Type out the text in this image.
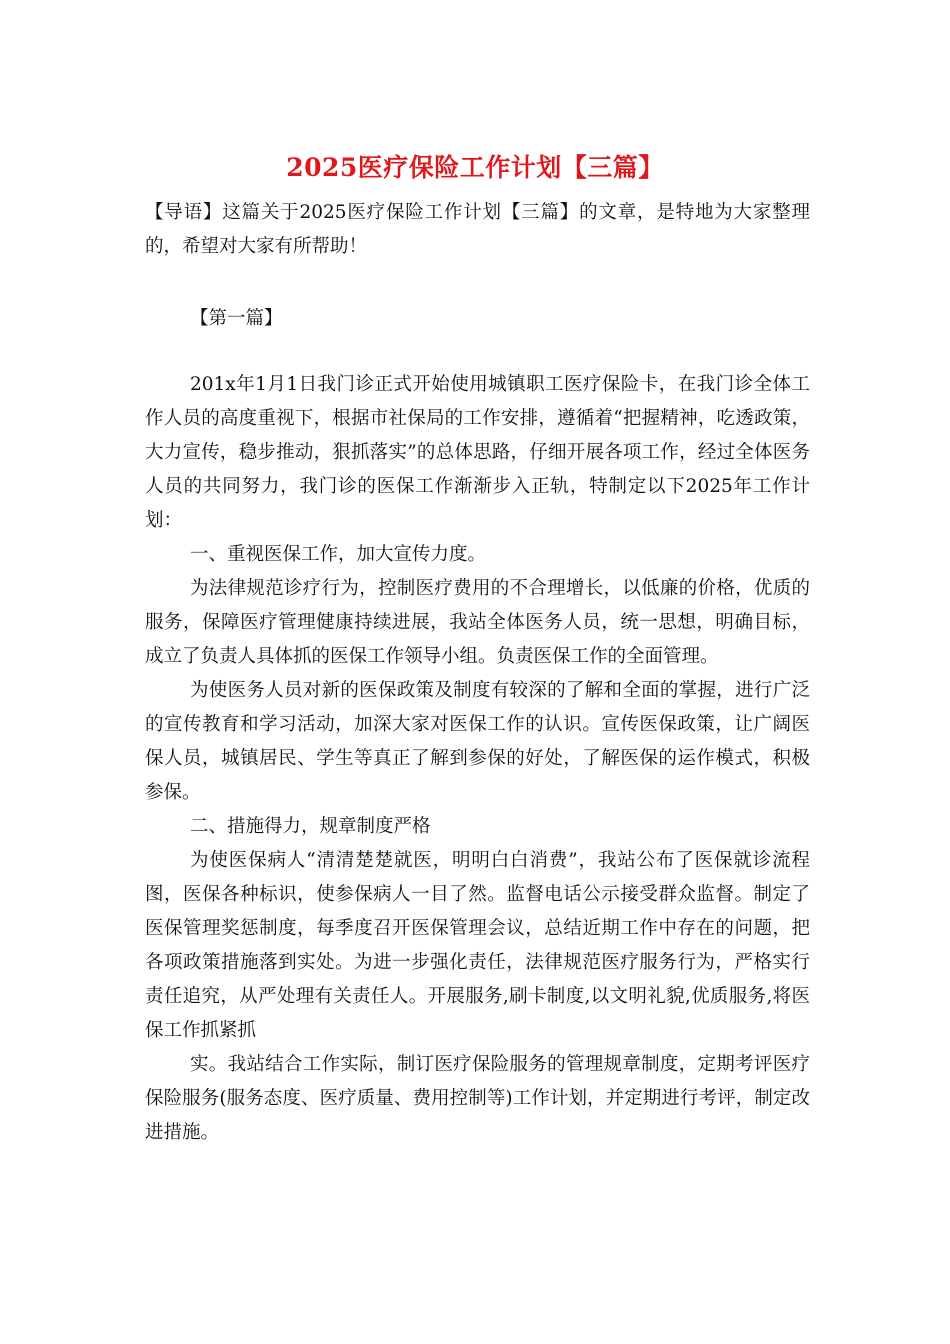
2025医疗保险工作计划【三篇】
【导语】这篇关于2025医疗保险工作计划【三篇】的文章，是特地为大家整理的，希望对大家有所帮助！
【第一篇】

201x年1月1日我门诊正式开始使用城镇职工医疗保险卡，在我门诊全体工作人员的高度重视下，根据市社保局的工作安排，遵循着“把握精神，吃透政策，大力宣传，稳步推动，狠抓落实”的总体思路，仔细开展各项工作，经过全体医务人员的共同努力，我门诊的医保工作渐渐步入正轨，特制定以下2025年工作计划：

一、重视医保工作，加大宣传力度。

为法律规范诊疗行为，控制医疗费用的不合理增长，以低廉的价格，优质的服务，保障医疗管理健康持续进展，我站全体医务人员，统一思想，明确目标，成立了负责人具体抓的医保工作领导小组。负责医保工作的全面管理。

为使医务人员对新的医保政策及制度有较深的了解和全面的掌握，进行广泛的宣传教育和学习活动，加深大家对医保工作的认识。宣传医保政策，让广阔医保人员，城镇居民、学生等真正了解到参保的好处，了解医保的运作模式，积极参保。

二、措施得力，规章制度严格

为使医保病人“清清楚楚就医，明明白白消费”，我站公布了医保就诊流程图，医保各种标识，使参保病人一目了然。监督电话公示接受群众监督。制定了医保管理奖惩制度，每季度召开医保管理会议，总结近期工作中存在的问题，把各项政策措施落到实处。为进一步强化责任，法律规范医疗服务行为，严格实行责任追究，从严处理有关责任人。开展服务,刷卡制度,以文明礼貌,优质服务,将医保工作抓紧抓

实。我站结合工作实际，制订医疗保险服务的管理规章制度，定期考评医疗保险服务(服务态度、医疗质量、费用控制等)工作计划，并定期进行考评，制定改进措施。
